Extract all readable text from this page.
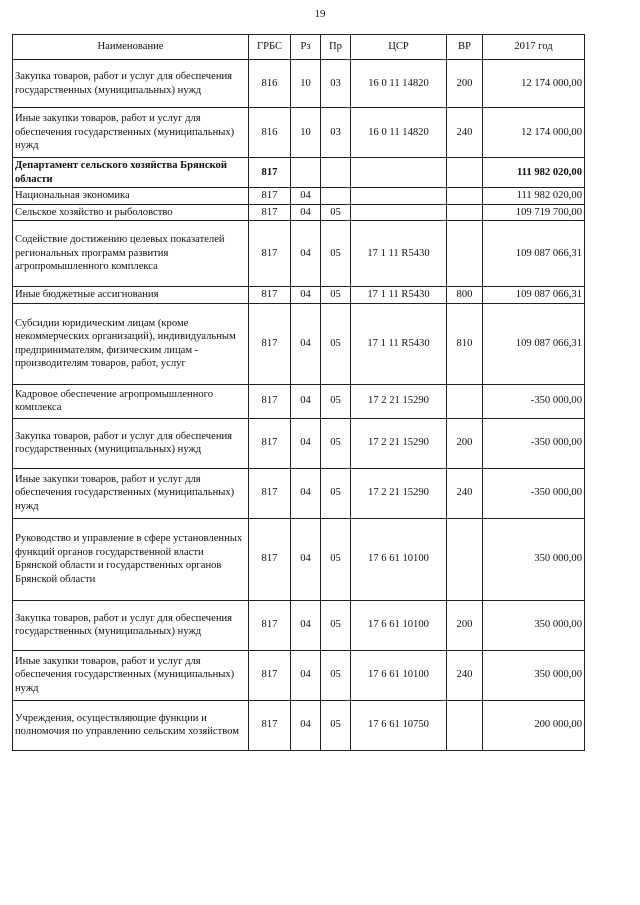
19
Наименование	ГРБС	Рз	Пр	ЦСР	ВР	2017 год
Закупка товаров, работ и услуг для обеспечения государственных (муниципальных) нужд	816	10	03	16 0 11 14820	200	12 174 000,00
Иные закупки товаров, работ и услуг для обеспечения государственных (муниципальных) нужд	816	10	03	16 0 11 14820	240	12 174 000,00
Департамент сельского хозяйства Брянской области	817					111 982 020,00
Национальная экономика	817	04				111 982 020,00
Сельское хозяйство и рыболовство	817	04	05			109 719 700,00
Содействие достижению целевых показателей региональных программ развития агропромышленного комплекса	817	04	05	17 1 11 R5430		109 087 066,31
Иные бюджетные ассигнования	817	04	05	17 1 11 R5430	800	109 087 066,31
Субсидии юридическим лицам (кроме некоммерческих организаций), индивидуальным предпринимателям, физическим лицам - производителям товаров, работ, услуг	817	04	05	17 1 11 R5430	810	109 087 066,31
Кадровое обеспечение агропромышленного комплекса	817	04	05	17 2 21 15290		-350 000,00
Закупка товаров, работ и услуг для обеспечения государственных (муниципальных) нужд	817	04	05	17 2 21 15290	200	-350 000,00
Иные закупки товаров, работ и услуг для обеспечения государственных (муниципальных) нужд	817	04	05	17 2 21 15290	240	-350 000,00
Руководство и управление в сфере установленных функций органов государственной власти Брянской области и государственных органов Брянской области	817	04	05	17 6 61 10100		350 000,00
Закупка товаров, работ и услуг для обеспечения государственных (муниципальных) нужд	817	04	05	17 6 61 10100	200	350 000,00
Иные закупки товаров, работ и услуг для обеспечения государственных (муниципальных) нужд	817	04	05	17 6 61 10100	240	350 000,00
Учреждения, осуществляющие функции и полномочия по управлению сельским хозяйством	817	04	05	17 6 61 10750		200 000,00
